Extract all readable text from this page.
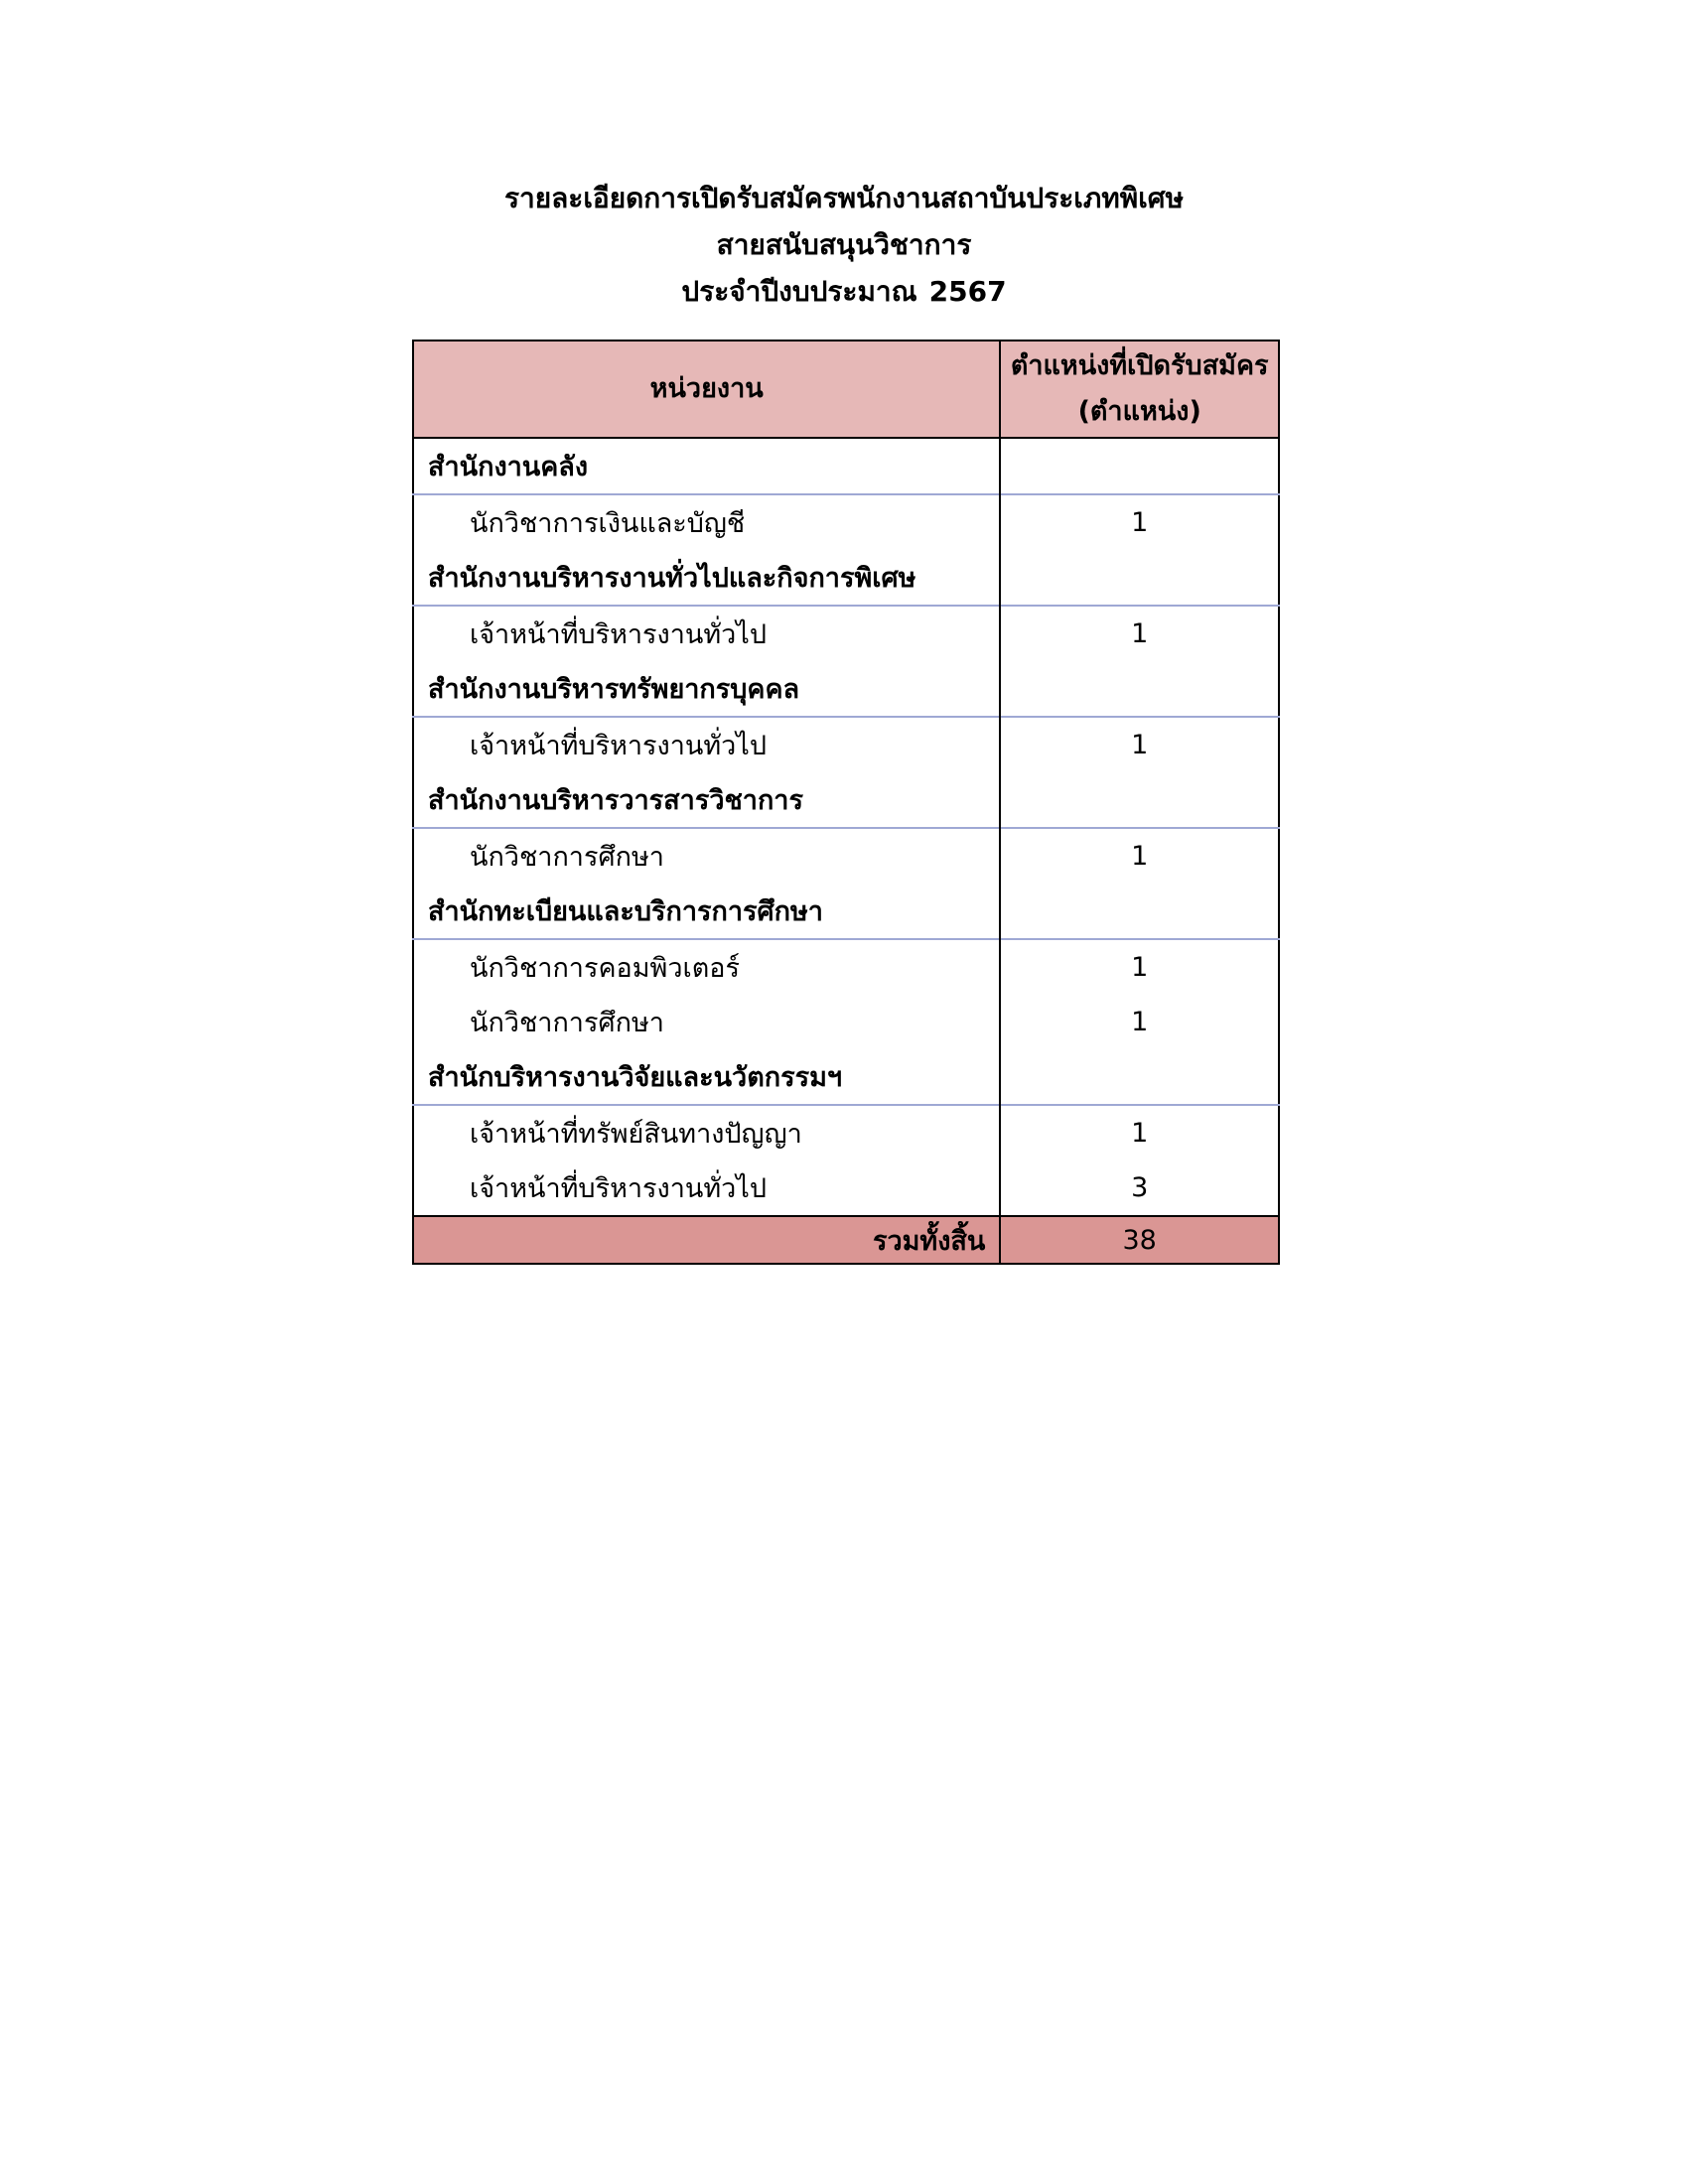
รายละเอียดการเปิดรับสมัครพนักงานสถาบันประเภทพิเศษ
สายสนับสนุนวิชาการ
ประจำปีงบประมาณ 2567
หน่วยงาน	ตำแหน่งที่เปิดรับสมัคร
(ตำแหน่ง)

สำนักงานคลัง	
นักวิชาการเงินและบัญชี	1
สำนักงานบริหารงานทั่วไปและกิจการพิเศษ	
เจ้าหน้าที่บริหารงานทั่วไป	1
สำนักงานบริหารทรัพยากรบุคคล	
เจ้าหน้าที่บริหารงานทั่วไป	1
สำนักงานบริหารวารสารวิชาการ	
นักวิชาการศึกษา	1
สำนักทะเบียนและบริการการศึกษา	
นักวิชาการคอมพิวเตอร์	1
นักวิชาการศึกษา	1
สำนักบริหารงานวิจัยและนวัตกรรมฯ	
เจ้าหน้าที่ทรัพย์สินทางปัญญา	1
เจ้าหน้าที่บริหารงานทั่วไป	3
รวมทั้งสิ้น	38
